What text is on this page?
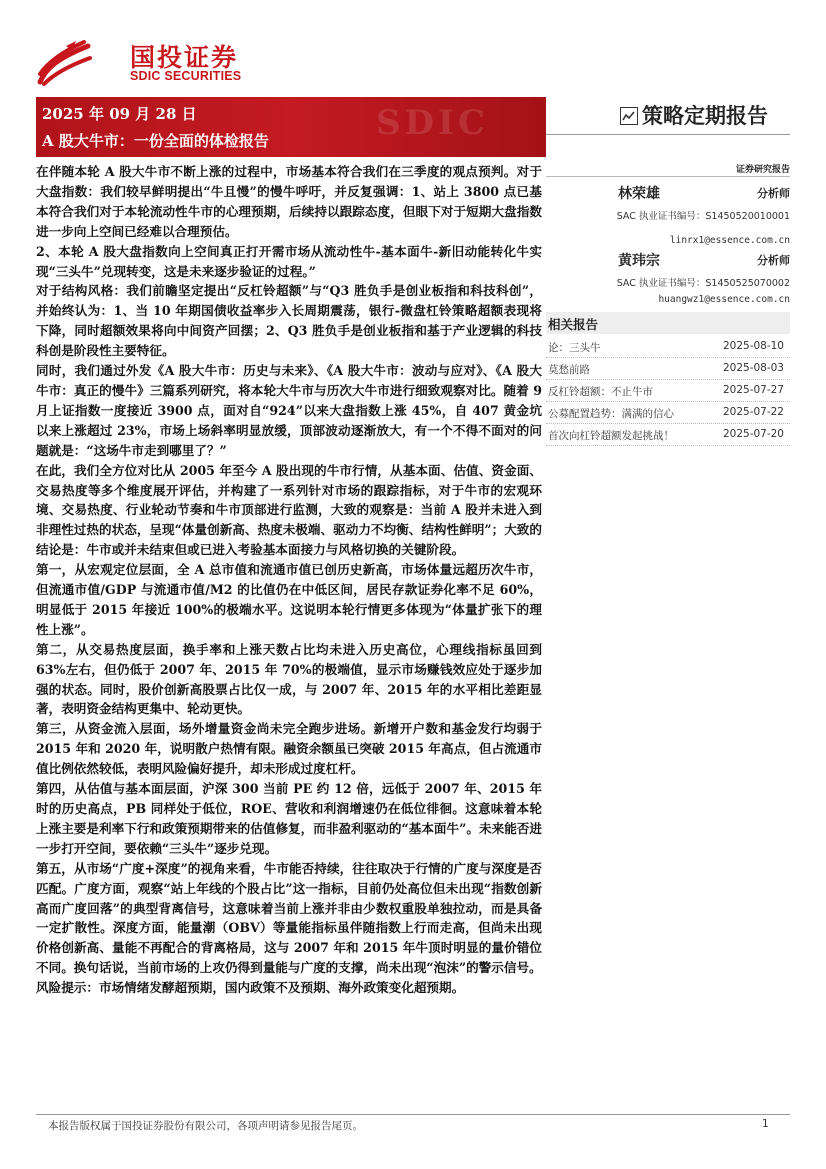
国投证券
SDIC SECURITIES
SDIC
2025 年 09 月 28 日
A 股大牛市：一份全面的体检报告
策略定期报告

在伴随本轮 A 股大牛市不断上涨的过程中，市场基本符合我们在三季度的观点预判。对于大盘指数：我们较早鲜明提出“牛且慢”的慢牛呼吁，并反复强调：1、站上 3800 点已基本符合我们对于本轮流动性牛市的心理预期，后续持以跟踪态度，但眼下对于短期大盘指数进一步向上空间已经难以合理预估。

2、本轮 A 股大盘指数向上空间真正打开需市场从流动性牛-基本面牛-新旧动能转化牛实现“三头牛”兑现转变，这是未来逐步验证的过程。”

对于结构风格：我们前瞻坚定提出“反杠铃超额”与“Q3 胜负手是创业板指和科技科创”，并始终认为：1、当 10 年期国债收益率步入长周期震荡，银行-微盘杠铃策略超额表现将下降，同时超额效果将向中间资产回摆；2、Q3 胜负手是创业板指和基于产业逻辑的科技科创是阶段性主要特征。

同时，我们通过外发《A 股大牛市：历史与未来》、《A 股大牛市：波动与应对》、《A 股大牛市：真正的慢牛》三篇系列研究，将本轮大牛市与历次大牛市进行细致观察对比。随着 9 月上证指数一度接近 3900 点，面对自“924”以来大盘指数上涨 45%，自 407 黄金坑以来上涨超过 23%，市场上场斜率明显放缓，顶部波动逐渐放大，有一个不得不面对的问题就是：“这场牛市走到哪里了？”

在此，我们全方位对比从 2005 年至今 A 股出现的牛市行情，从基本面、估值、资金面、交易热度等多个维度展开评估，并构建了一系列针对市场的跟踪指标，对于牛市的宏观环境、交易热度、行业轮动节奏和牛市顶部进行监测，大致的观察是：当前 A 股并未进入到非理性过热的状态，呈现“体量创新高、热度未极端、驱动力不均衡、结构性鲜明”；大致的结论是：牛市或并未结束但或已进入考验基本面接力与风格切换的关键阶段。

第一，从宏观定位层面，全 A 总市值和流通市值已创历史新高，市场体量远超历次牛市，但流通市值/GDP 与流通市值/M2 的比值仍在中低区间，居民存款证券化率不足 60%，明显低于 2015 年接近 100%的极端水平。这说明本轮行情更多体现为“体量扩张下的理性上涨”。

第二，从交易热度层面，换手率和上涨天数占比均未进入历史高位，心理线指标虽回到 63%左右，但仍低于 2007 年、2015 年 70%的极端值，显示市场赚钱效应处于逐步加强的状态。同时，股价创新高股票占比仅一成，与 2007 年、2015 年的水平相比差距显著，表明资金结构更集中、轮动更快。

第三，从资金流入层面，场外增量资金尚未完全跑步进场。新增开户数和基金发行均弱于 2015 年和 2020 年，说明散户热情有限。融资余额虽已突破 2015 年高点，但占流通市值比例依然较低，表明风险偏好提升，却未形成过度杠杆。

第四，从估值与基本面层面，沪深 300 当前 PE 约 12 倍，远低于 2007 年、2015 年时的历史高点，PB 同样处于低位，ROE、营收和利润增速仍在低位徘徊。这意味着本轮上涨主要是利率下行和政策预期带来的估值修复，而非盈利驱动的“基本面牛”。未来能否进一步打开空间，要依赖“三头牛”逐步兑现。

第五，从市场“广度+深度”的视角来看，牛市能否持续，往往取决于行情的广度与深度是否匹配。广度方面，观察“站上年线的个股占比”这一指标，目前仍处高位但未出现“指数创新高而广度回落”的典型背离信号，这意味着当前上涨并非由少数权重股单独拉动，而是具备一定扩散性。深度方面，能量潮（OBV）等量能指标虽伴随指数上行而走高，但尚未出现价格创新高、量能不再配合的背离格局，这与 2007 年和 2015 年牛顶时明显的量价错位不同。换句话说，当前市场的上攻仍得到量能与广度的支撑，尚未出现“泡沫”的警示信号。

风险提示：市场情绪发酵超预期，国内政策不及预期、海外政策变化超预期。

证券研究报告
林荣雄	分析师
SAC 执业证书编号：S1450520010001
linrx1@essence.com.cn
黄玮宗	分析师
SAC 执业证书编号：S1450525070002
huangwz1@essence.com.cn
相关报告
论：三头牛	2025-08-10
莫愁前路	2025-08-03
反杠铃超额：不止牛市	2025-07-27
公募配置趋势：满满的信心	2025-07-22
首次向杠铃超额发起挑战！	2025-07-20
本报告版权属于国投证券股份有限公司，各项声明请参见报告尾页。	1
